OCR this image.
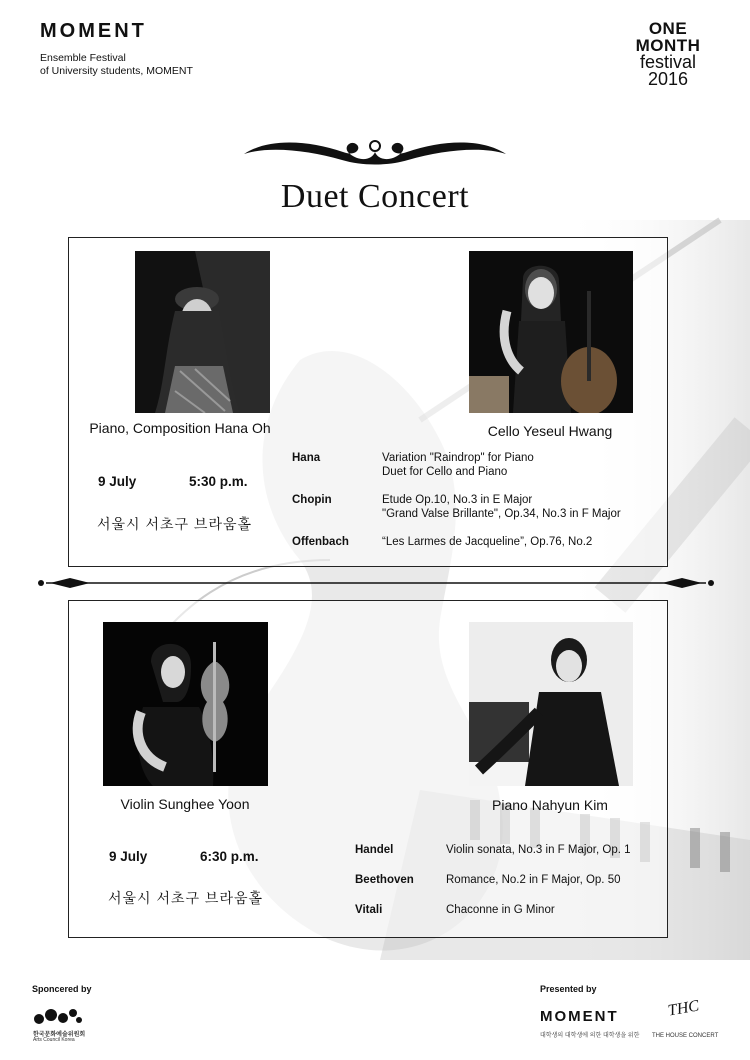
MOMENT
Ensemble Festival
of University students, MOMENT
ONE
MONTH
festival
2016
Duet Concert
Piano, Composition Hana Oh	Cello Yeseul Hwang
9 July	5:30 p.m.
서울시 서초구 브라움홀
Hana	Variation "Raindrop" for Piano
Duet for Cello and Piano
Chopin	Etude Op.10, No.3 in E Major
"Grand Valse Brillante", Op.34, No.3 in F Major
Offenbach	“Les Larmes de Jacqueline”, Op.76, No.2
Violin Sunghee Yoon	Piano Nahyun Kim
9 July	6:30 p.m.
서울시 서초구 브라움홀
Handel	Violin sonata, No.3 in F Major, Op. 1
Beethoven	Romance, No.2 in F Major, Op. 50
Vitali	Chaconne in G Minor
Sponcered by
한국문화예술위원회
Arts Council Korea
Presented by
MOMENT
대학생의 대학생에 의한 대학생을 위한
THC
THE HOUSE CONCERT
